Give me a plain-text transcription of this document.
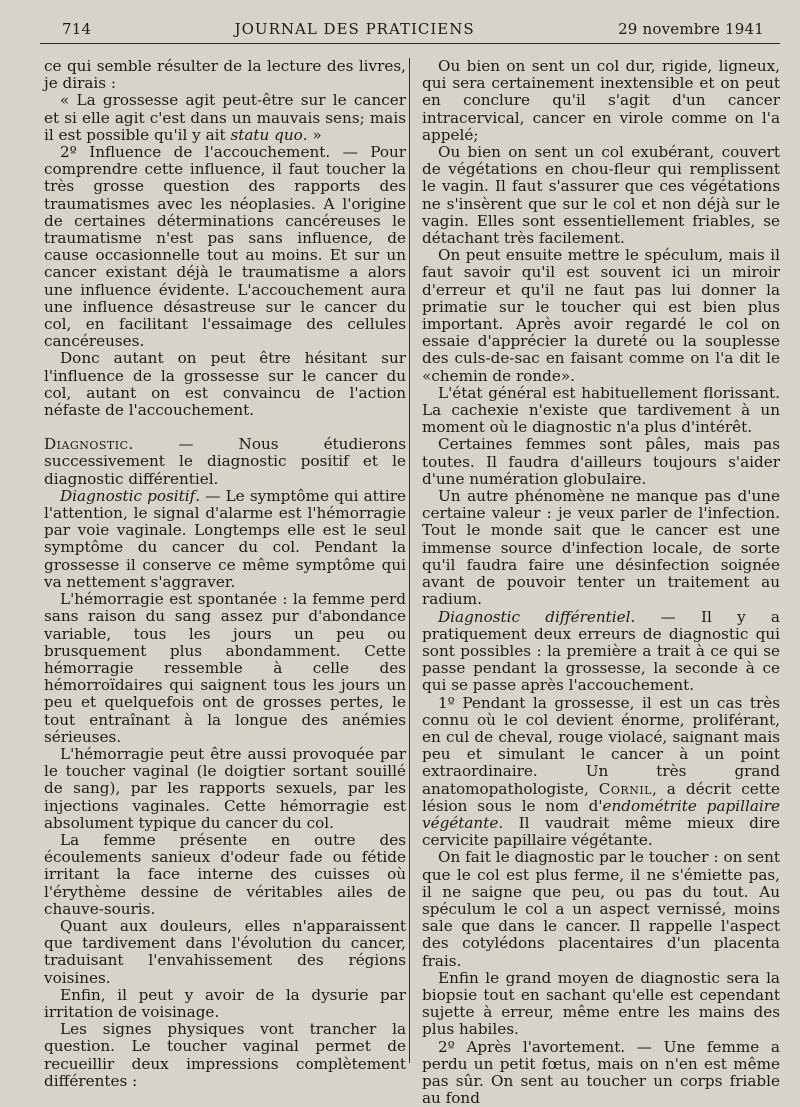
714	JOURNAL DES PRATICIENS	29 novembre 1941

ce qui semble résulter de la lecture des livres, je dirais :

« La grossesse agit peut-être sur le cancer et si elle agit c'est dans un mauvais sens; mais il est possible qu'il y ait statu quo. »

2º Influence de l'accouchement. — Pour comprendre cette influence, il faut toucher la très grosse question des rapports des traumatismes avec les néoplasies. A l'origine de certaines déterminations cancéreuses le traumatisme n'est pas sans influence, de cause occasionnelle tout au moins. Et sur un cancer existant déjà le traumatisme a alors une influence évidente. L'accouchement aura une influence désastreuse sur le cancer du col, en facilitant l'essaimage des cellules cancéreuses.

Donc autant on peut être hésitant sur l'influence de la grossesse sur le cancer du col, autant on est convaincu de l'action néfaste de l'accouchement.

Diagnostic. — Nous étudierons successivement le diagnostic positif et le diagnostic différentiel.

Diagnostic positif. — Le symptôme qui attire l'attention, le signal d'alarme est l'hémorragie par voie vaginale. Longtemps elle est le seul symptôme du cancer du col. Pendant la grossesse il conserve ce même symptôme qui va nettement s'aggraver.

L'hémorragie est spontanée : la femme perd sans raison du sang assez pur d'abondance variable, tous les jours un peu ou brusquement plus abondamment. Cette hémorragie ressemble à celle des hémorroïdaires qui saignent tous les jours un peu et quelquefois ont de grosses pertes, le tout entraînant à la longue des anémies sérieuses.

L'hémorragie peut être aussi provoquée par le toucher vaginal (le doigtier sortant souillé de sang), par les rapports sexuels, par les injections vaginales. Cette hémorragie est absolument typique du cancer du col.

La femme présente en outre des écoulements sanieux d'odeur fade ou fétide irritant la face interne des cuisses où l'érythème dessine de véritables ailes de chauve-souris.

Quant aux douleurs, elles n'apparaissent que tardivement dans l'évolution du cancer, traduisant l'envahissement des régions voisines.

Enfin, il peut y avoir de la dysurie par irritation de voisinage.

Les signes physiques vont trancher la question. Le toucher vaginal permet de recueillir deux impressions complètement différentes :

Ou bien on sent un col dur, rigide, ligneux, qui sera certainement inextensible et on peut en conclure qu'il s'agit d'un cancer intracervical, cancer en virole comme on l'a appelé;

Ou bien on sent un col exubérant, couvert de végétations en chou-fleur qui remplissent le vagin. Il faut s'assurer que ces végétations ne s'insèrent que sur le col et non déjà sur le vagin. Elles sont essentiellement friables, se détachant très facilement.

On peut ensuite mettre le spéculum, mais il faut savoir qu'il est souvent ici un miroir d'erreur et qu'il ne faut pas lui donner la primatie sur le toucher qui est bien plus important. Après avoir regardé le col on essaie d'apprécier la dureté ou la souplesse des culs-de-sac en faisant comme on l'a dit le «chemin de ronde».

L'état général est habituellement florissant. La cachexie n'existe que tardivement à un moment où le diagnostic n'a plus d'intérêt.

Certaines femmes sont pâles, mais pas toutes. Il faudra d'ailleurs toujours s'aider d'une numération globulaire.

Un autre phénomène ne manque pas d'une certaine valeur : je veux parler de l'infection. Tout le monde sait que le cancer est une immense source d'infection locale, de sorte qu'il faudra faire une désinfection soignée avant de pouvoir tenter un traitement au radium.

Diagnostic différentiel. — Il y a pratiquement deux erreurs de diagnostic qui sont possibles : la première a trait à ce qui se passe pendant la grossesse, la seconde à ce qui se passe après l'accouchement.

1º Pendant la grossesse, il est un cas très connu où le col devient énorme, proliférant, en cul de cheval, rouge violacé, saignant mais peu et simulant le cancer à un point extraordinaire. Un très grand anatomopathologiste, Cornil, a décrit cette lésion sous le nom d'endométrite papillaire végétante. Il vaudrait même mieux dire cervicite papillaire végétante.

On fait le diagnostic par le toucher : on sent que le col est plus ferme, il ne s'émiette pas, il ne saigne que peu, ou pas du tout. Au spéculum le col a un aspect vernissé, moins sale que dans le cancer. Il rappelle l'aspect des cotylédons placentaires d'un placenta frais.

Enfin le grand moyen de diagnostic sera la biopsie tout en sachant qu'elle est cependant sujette à erreur, même entre les mains des plus habiles.

2º Après l'avortement. — Une femme a perdu un petit fœtus, mais on n'en est même pas sûr. On sent au toucher un corps friable au fond
